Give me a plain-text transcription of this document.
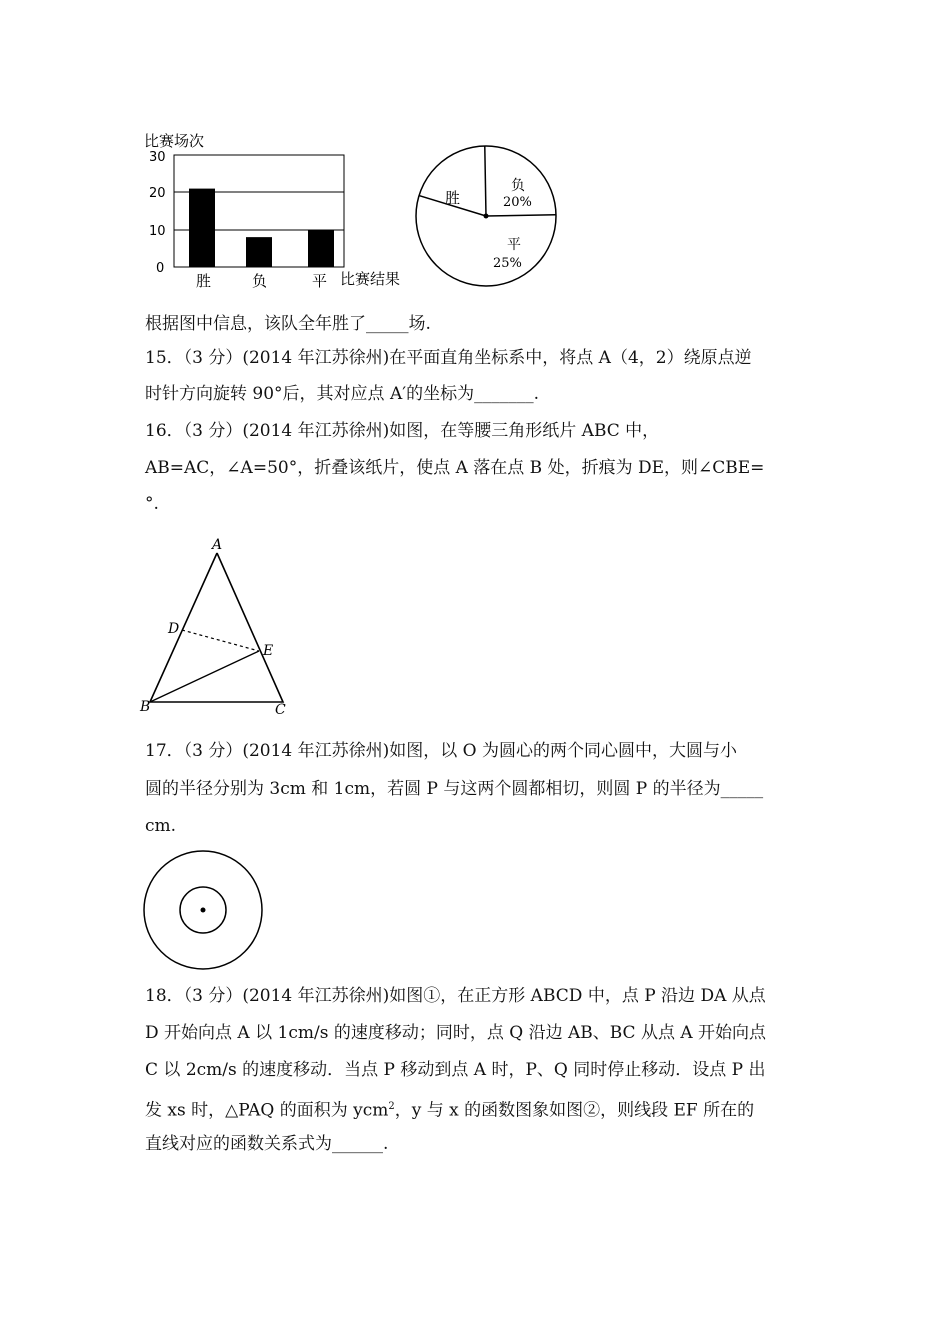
比赛场次
30
20
10
0
胜	负	平 比赛结果
胜
负
20%
平
25%
根据图中信息，该队全年胜了_____场.
15．（3 分）(2014 年江苏徐州)在平面直角坐标系中，将点 A（4，2）绕原点逆
时针方向旋转 90°后，其对应点 A′的坐标为_______.
16．（3 分）(2014 年江苏徐州)如图，在等腰三角形纸片 ABC 中，
AB=AC，∠A=50°，折叠该纸片，使点 A 落在点 B 处，折痕为 DE，则∠CBE=
°.
A
D
E
B	C
17．（3 分）(2014 年江苏徐州)如图，以 O 为圆心的两个同心圆中，大圆与小
圆的半径分别为 3cm 和 1cm，若圆 P 与这两个圆都相切，则圆 P 的半径为_____
cm.
18．（3 分）(2014 年江苏徐州)如图①，在正方形 ABCD 中，点 P 沿边 DA 从点
D 开始向点 A 以 1cm/s 的速度移动；同时，点 Q 沿边 AB、BC 从点 A 开始向点
C 以 2cm/s 的速度移动．当点 P 移动到点 A 时，P、Q 同时停止移动．设点 P 出
发 xs 时，△PAQ 的面积为 ycm$^2$，y 与 x 的函数图象如图②，则线段 EF 所在的
直线对应的函数关系式为______.
